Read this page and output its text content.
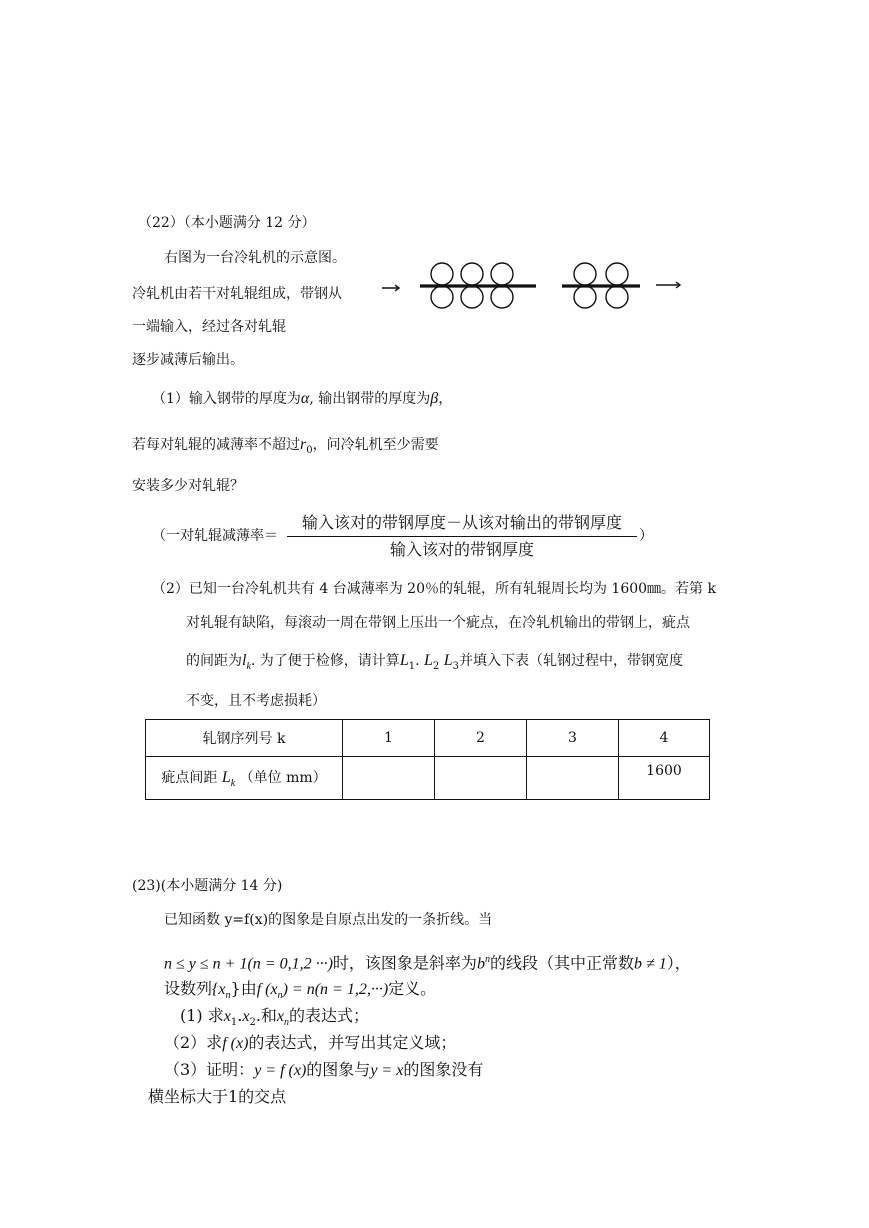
（22）（本小题满分 12 分）
右图为一台冷轧机的示意图。
冷轧机由若干对轧辊组成，带钢从
一端输入，经过各对轧辊
逐步减薄后输出。
（1）输入钢带的厚度为α, 输出钢带的厚度为β，
若每对轧辊的减薄率不超过$r_0$，问冷轧机至少需要
安装多少对轧辊？
（一对轧辊减薄率＝
输入该对的带钢厚度－从该对输出的带钢厚度
输入该对的带钢厚度
）
（2）已知一台冷轧机共有 4 台减薄率为 20％的轧辊，所有轧辊周长均为 1600㎜。若第 k
对轧辊有缺陷，每滚动一周在带钢上压出一个疵点，在冷轧机输出的带钢上，疵点
的间距为$l_k$. 为了便于检修，请计算$L_1$. $L_2$ $L_3$并填入下表（轧钢过程中，带钢宽度
不变，且不考虑损耗）
轧钢序列号 k	1	2	3	4
疵点间距 $L_k$ （单位 mm）				1600
(23)(本小题满分 14 分)
已知函数 y=f(x)的图象是自原点出发的一条折线。当
n ≤ y ≤ n + 1(n = 0,1,2 ···)时，该图象是斜率为$b^n$的线段（其中正常数b ≠ 1），
设数列$\{x_n\}$由f $(x_n) = n(n = 1,2,\cdot\cdot\cdot)$定义。
(1) 求$x_1.x_2$.和$x_n$的表达式；
（2）求f (x)的表达式，并写出其定义域；
（3）证明：y = f (x)的图象与y = x的图象没有
横坐标大于1的交点
